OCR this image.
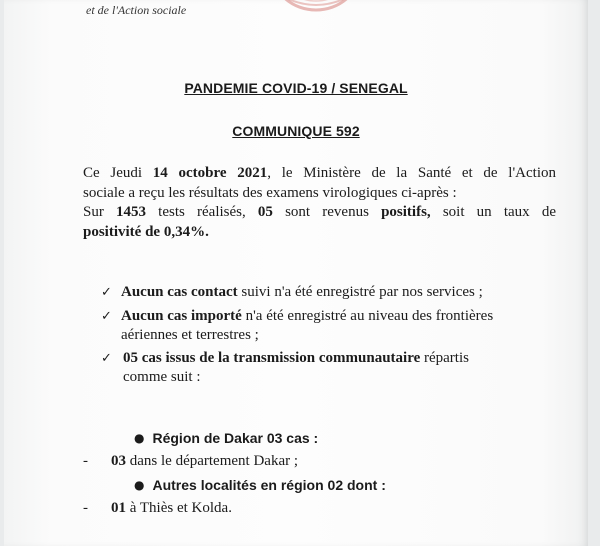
et de l'Action sociale
PANDEMIE COVID-19 / SENEGAL
COMMUNIQUE 592
Ce Jeudi 14 octobre 2021, le Ministère de la Santé et de l'Action
sociale a reçu les résultats des examens virologiques ci-après :
Sur 1453 tests réalisés, 05 sont revenus positifs, soit un taux de
positivité de 0,34%.
✓ Aucun cas contact suivi n'a été enregistré par nos services ;
✓ Aucun cas importé n'a été enregistré au niveau des frontières
aériennes et terrestres ;
✓ 05 cas issus de la transmission communautaire répartis
comme suit :
● Région de Dakar 03 cas :
- 03 dans le département Dakar ;
● Autres localités en région 02 dont :
- 01 à Thiès et Kolda.
